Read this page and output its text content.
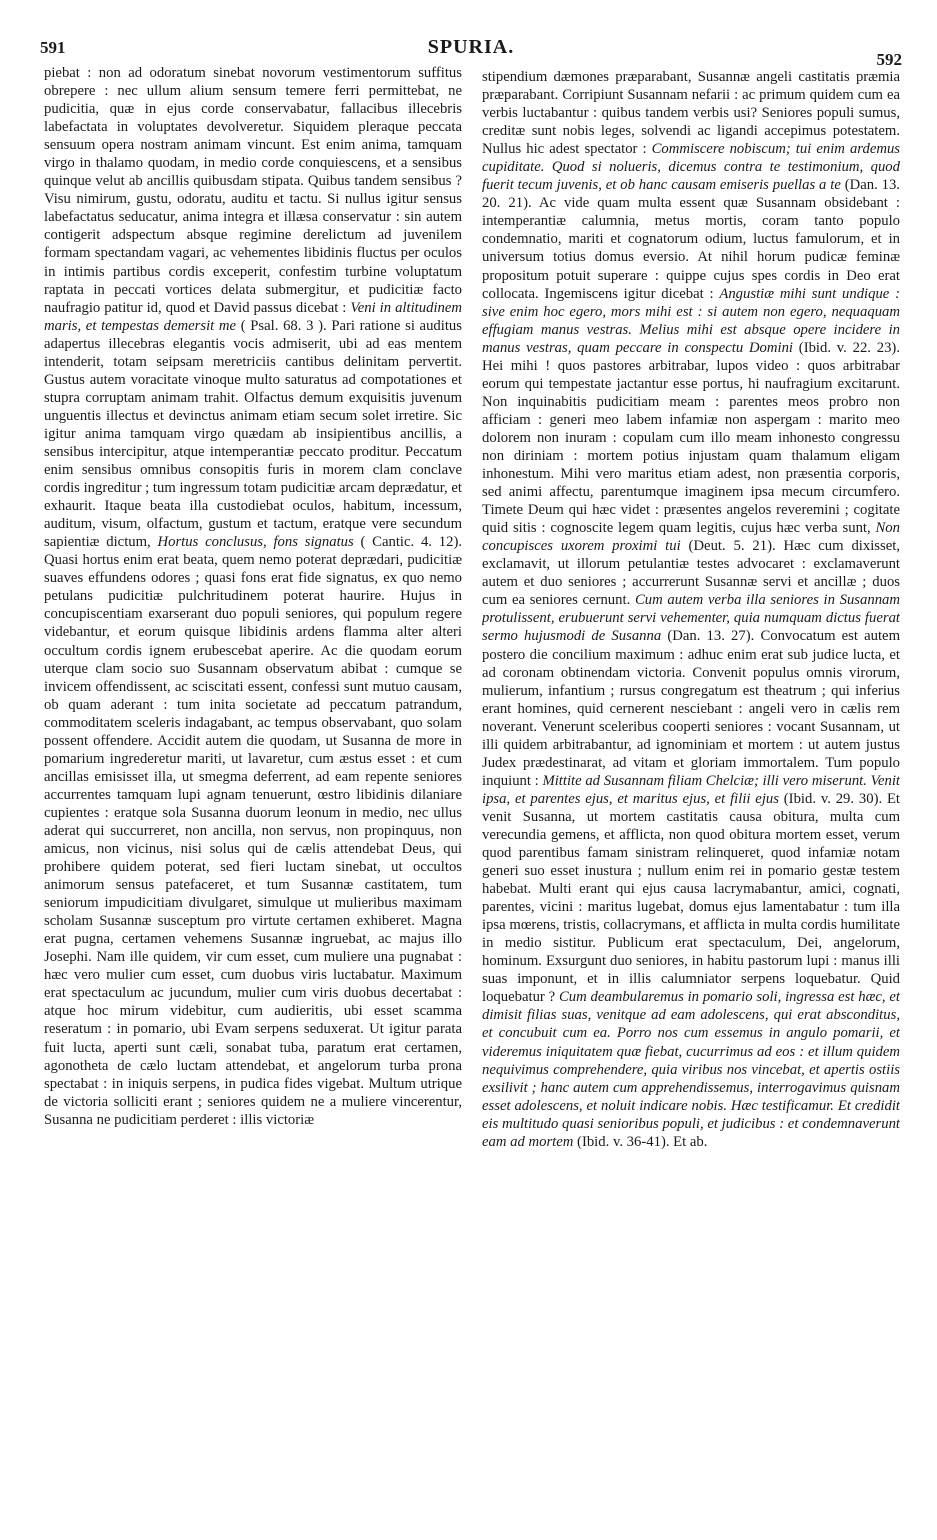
591	SPURIA.
592

piebat : non ad odoratum sinebat novorum vestimentorum suffitus obrepere : nec ullum alium sensum temere ferri permittebat, ne pudicitia, quæ in ejus corde conservabatur, fallacibus illecebris labefactata in voluptates devolveretur. Siquidem pleraque peccata sensuum opera nostram animam vincunt. Est enim anima, tamquam virgo in thalamo quodam, in medio corde conquiescens, et a sensibus quinque velut ab ancillis quibusdam stipata. Quibus tandem sensibus ? Visu nimirum, gustu, odoratu, auditu et tactu. Si nullus igitur sensus labefactatus seducatur, anima integra et illæsa conservatur : sin autem contigerit adspectum absque regimine derelictum ad juvenilem formam spectandam vagari, ac vehementes libidinis fluctus per oculos in intimis partibus cordis exceperit, confestim turbine voluptatum raptata in peccati vortices delata submergitur, et pudicitiæ facto naufragio patitur id, quod et David passus dicebat : Veni in altitudinem maris, et tempestas demersit me ( Psal. 68. 3 ). Pari ratione si auditus adapertus illecebras elegantis vocis admiserit, ubi ad eas mentem intenderit, totam seipsam meretriciis cantibus delinitam pervertit. Gustus autem voracitate vinoque multo saturatus ad compotationes et stupra corruptam animam trahit. Olfactus demum exquisitis juvenum unguentis illectus et devinctus animam etiam secum solet irretire. Sic igitur anima tamquam virgo quædam ab insipientibus ancillis, a sensibus intercipitur, atque intemperantiæ peccato proditur. Peccatum enim sensibus omnibus consopitis furis in morem clam conclave cordis ingreditur ; tum ingressum totam pudicitiæ arcam deprædatur, et exhaurit. Itaque beata illa custodiebat oculos, habitum, incessum, auditum, visum, olfactum, gustum et tactum, eratque vere secundum sapientiæ dictum, Hortus conclusus, fons signatus ( Cantic. 4. 12). Quasi hortus enim erat beata, quem nemo poterat deprædari, pudicitiæ suaves effundens odores ; quasi fons erat fide signatus, ex quo nemo petulans pudicitiæ pulchritudinem poterat haurire. Hujus in concupiscentiam exarserant duo populi seniores, qui populum regere videbantur, et eorum quisque libidinis ardens flamma alter alteri occultum cordis ignem erubescebat aperire. Ac die quodam eorum uterque clam socio suo Susannam observatum abibat : cumque se invicem offendissent, ac sciscitati essent, confessi sunt mutuo causam, ob quam aderant : tum inita societate ad peccatum patrandum, commoditatem sceleris indagabant, ac tempus observabant, quo solam possent offendere. Accidit autem die quodam, ut Susanna de more in pomarium ingrederetur mariti, ut lavaretur, cum æstus esset : et cum ancillas emisisset illa, ut smegma deferrent, ad eam repente seniores accurrentes tamquam lupi agnam tenuerunt, œstro libidinis dilaniare cupientes : eratque sola Susanna duorum leonum in medio, nec ullus aderat qui succurreret, non ancilla, non servus, non propinquus, non amicus, non vicinus, nisi solus qui de cælis attendebat Deus, qui prohibere quidem poterat, sed fieri luctam sinebat, ut occultos animorum sensus patefaceret, et tum Susannæ castitatem, tum seniorum impudicitiam divulgaret, simulque ut mulieribus maximam scholam Susannæ susceptum pro virtute certamen exhiberet. Magna erat pugna, certamen vehemens Susannæ ingruebat, ac majus illo Josephi. Nam ille quidem, vir cum esset, cum muliere una pugnabat : hæc vero mulier cum esset, cum duobus viris luctabatur. Maximum erat spectaculum ac jucundum, mulier cum viris duobus decertabat : atque hoc mirum videbitur, cum audieritis, ubi esset scamma reseratum : in pomario, ubi Evam serpens seduxerat. Ut igitur parata fuit lucta, aperti sunt cæli, sonabat tuba, paratum erat certamen, agonotheta de cælo luctam attendebat, et angelorum turba prona spectabat : in iniquis serpens, in pudica fides vigebat. Multum utrique de victoria solliciti erant ; seniores quidem ne a muliere vincerentur, Susanna ne pudicitiam perderet : illis victoriæ

stipendium dæmones præparabant, Susannæ angeli castitatis præmia præparabant. Corripiunt Susannam nefarii : ac primum quidem cum ea verbis luctabantur : quibus tandem verbis usi? Seniores populi sumus, creditæ sunt nobis leges, solvendi ac ligandi accepimus potestatem. Nullus hic adest spectator : Commiscere nobiscum; tui enim ardemus cupiditate. Quod si nolueris, dicemus contra te testimonium, quod fuerit tecum juvenis, et ob hanc causam emiseris puellas a te (Dan. 13. 20. 21). Ac vide quam multa essent quæ Susannam obsidebant : intemperantiæ calumnia, metus mortis, coram tanto populo condemnatio, mariti et cognatorum odium, luctus famulorum, et in universum totius domus eversio. At nihil horum pudicæ feminæ propositum potuit superare : quippe cujus spes cordis in Deo erat collocata. Ingemiscens igitur dicebat : Angustiæ mihi sunt undique : sive enim hoc egero, mors mihi est : si autem non egero, nequaquam effugiam manus vestras. Melius mihi est absque opere incidere in manus vestras, quam peccare in conspectu Domini (Ibid. v. 22. 23). Hei mihi ! quos pastores arbitrabar, lupos video : quos arbitrabar eorum qui tempestate jactantur esse portus, hi naufragium excitarunt. Non inquinabitis pudicitiam meam : parentes meos probro non afficiam : generi meo labem infamiæ non aspergam : marito meo dolorem non inuram : copulam cum illo meam inhonesto congressu non diriniam : mortem potius injustam quam thalamum eligam inhonestum. Mihi vero maritus etiam adest, non præsentia corporis, sed animi affectu, parentumque imaginem ipsa mecum circumfero. Timete Deum qui hæc videt : præsentes angelos reveremini ; cogitate quid sitis : cognoscite legem quam legitis, cujus hæc verba sunt, Non concupisces uxorem proximi tui (Deut. 5. 21). Hæc cum dixisset, exclamavit, ut illorum petulantiæ testes advocaret : exclamaverunt autem et duo seniores ; accurrerunt Susannæ servi et ancillæ ; duos cum ea seniores cernunt. Cum autem verba illa seniores in Susannam protulissent, erubuerunt servi vehementer, quia numquam dictus fuerat sermo hujusmodi de Susanna (Dan. 13. 27). Convocatum est autem postero die concilium maximum : adhuc enim erat sub judice lucta, et ad coronam obtinendam victoria. Convenit populus omnis virorum, mulierum, infantium ; rursus congregatum est theatrum ; qui inferius erant homines, quid cernerent nesciebant : angeli vero in cælis rem noverant. Venerunt sceleribus cooperti seniores : vocant Susannam, ut illi quidem arbitrabantur, ad ignominiam et mortem : ut autem justus Judex prædestinarat, ad vitam et gloriam immortalem. Tum populo inquiunt : Mittite ad Susannam filiam Chelciæ; illi vero miserunt. Venit ipsa, et parentes ejus, et maritus ejus, et filii ejus (Ibid. v. 29. 30). Et venit Susanna, ut mortem castitatis causa obitura, multa cum verecundia gemens, et afflicta, non quod obitura mortem esset, verum quod parentibus famam sinistram relinqueret, quod infamiæ notam generi suo esset inustura ; nullum enim rei in pomario gestæ testem habebat. Multi erant qui ejus causa lacrymabantur, amici, cognati, parentes, vicini : maritus lugebat, domus ejus lamentabatur : tum illa ipsa mœrens, tristis, collacrymans, et afflicta in multa cordis humilitate in medio sistitur. Publicum erat spectaculum, Dei, angelorum, hominum. Exsurgunt duo seniores, in habitu pastorum lupi : manus illi suas imponunt, et in illis calumniator serpens loquebatur. Quid loquebatur ? Cum deambularemus in pomario soli, ingressa est hæc, et dimisit filias suas, venitque ad eam adolescens, qui erat absconditus, et concubuit cum ea. Porro nos cum essemus in angulo pomarii, et videremus iniquitatem quæ fiebat, cucurrimus ad eos : et illum quidem nequivimus comprehendere, quia viribus nos vincebat, et apertis ostiis exsilivit ; hanc autem cum apprehendissemus, interrogavimus quisnam esset adolescens, et noluit indicare nobis. Hæc testificamur. Et credidit eis multitudo quasi senioribus populi, et judicibus : et condemnaverunt eam ad mortem (Ibid. v. 36-41). Et ab.
